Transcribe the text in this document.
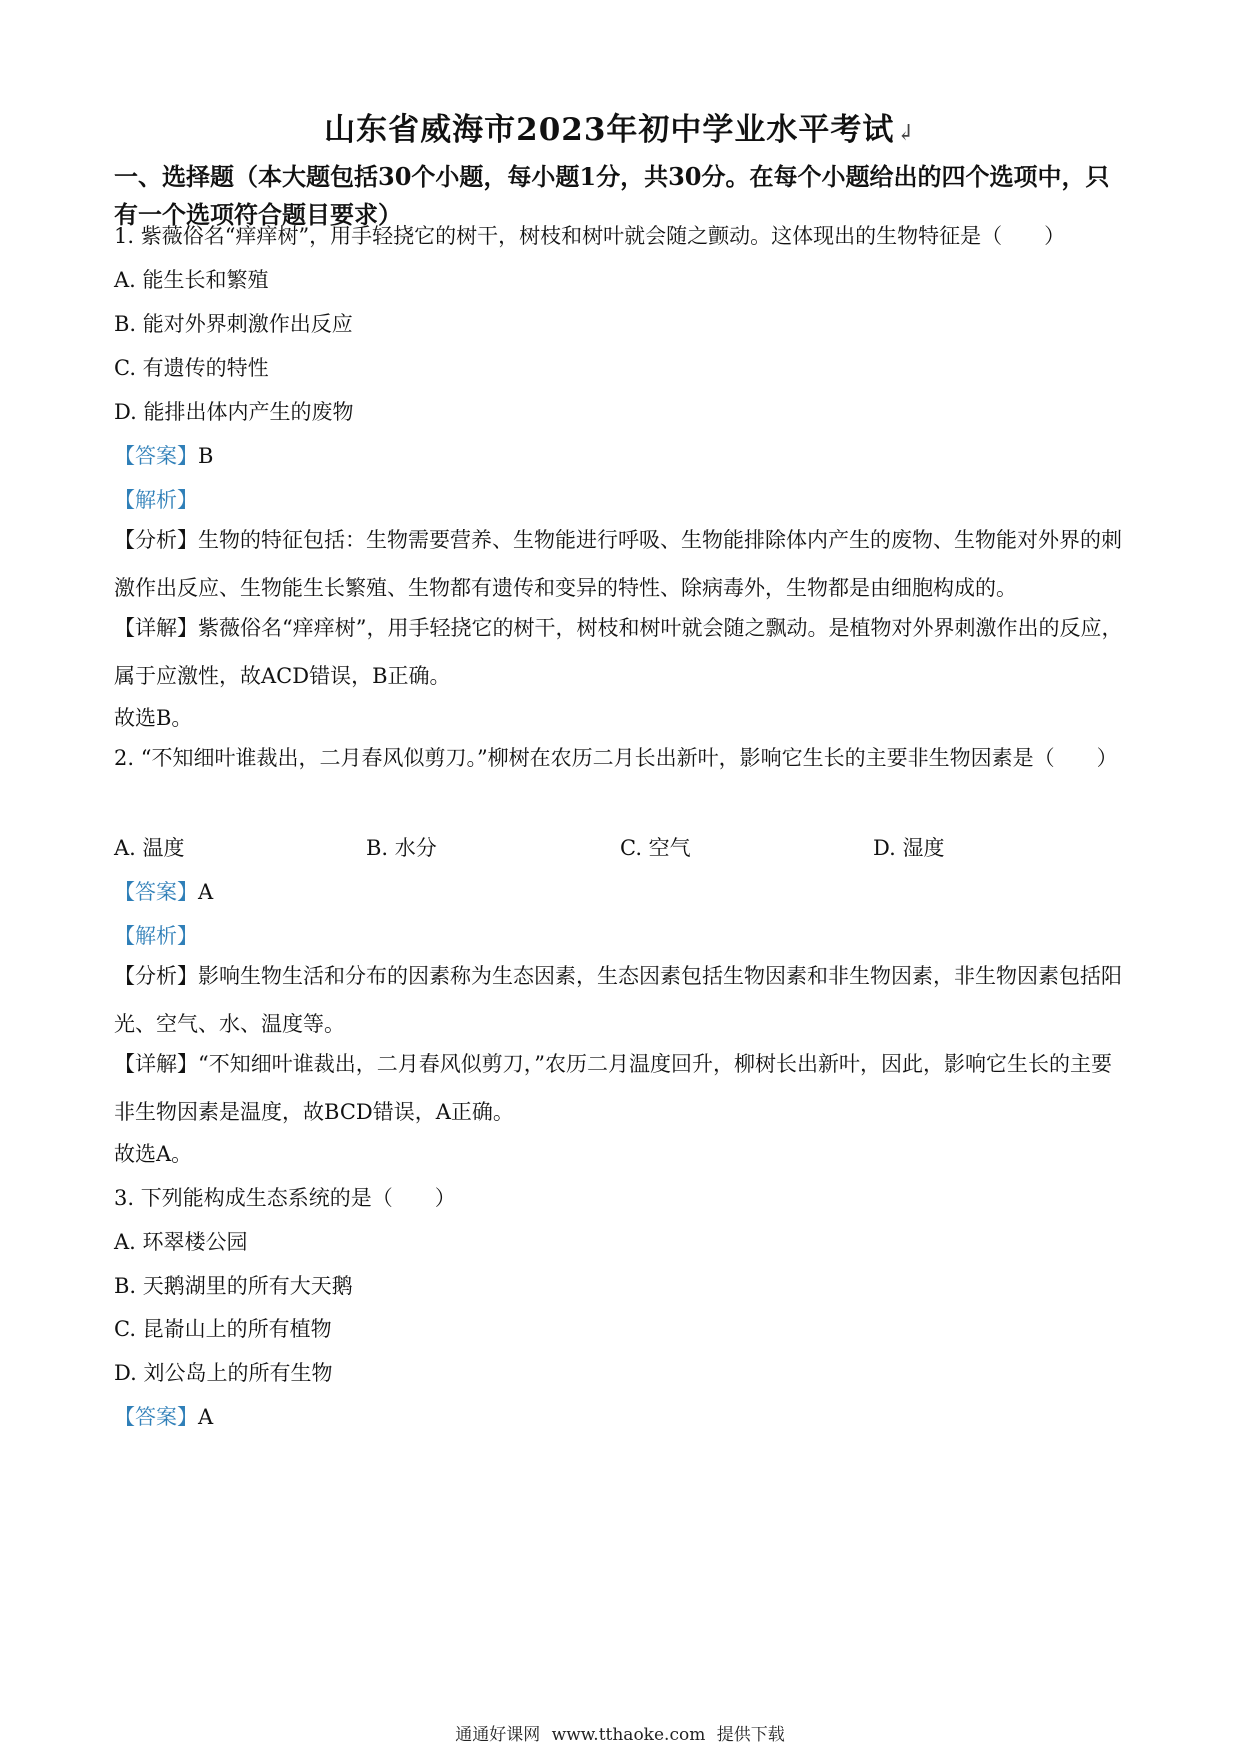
山东省威海市2023年初中学业水平考试↲
一、选择题（本大题包括30个小题，每小题1分，共30分。在每个小题给出的四个选项中，只有一个选项符合题目要求）
1. 紫薇俗名“痒痒树”，用手轻挠它的树干，树枝和树叶就会随之颤动。这体现出的生物特征是（　　）
A. 能生长和繁殖
B. 能对外界刺激作出反应
C. 有遗传的特性
D. 能排出体内产生的废物
【答案】B
【解析】
【分析】生物的特征包括：生物需要营养、生物能进行呼吸、生物能排除体内产生的废物、生物能对外界的刺激作出反应、生物能生长繁殖、生物都有遗传和变异的特性、除病毒外，生物都是由细胞构成的。
【详解】紫薇俗名“痒痒树”，用手轻挠它的树干，树枝和树叶就会随之飘动。是植物对外界刺激作出的反应，属于应激性，故ACD错误，B正确。
故选B。
2. “不知细叶谁裁出，二月春风似剪刀。”柳树在农历二月长出新叶，影响它生长的主要非生物因素是（　　）
A. 温度	B. 水分	C. 空气	D. 湿度
【答案】A
【解析】
【分析】影响生物生活和分布的因素称为生态因素，生态因素包括生物因素和非生物因素，非生物因素包括阳光、空气、水、温度等。
【详解】“不知细叶谁裁出，二月春风似剪刀，”农历二月温度回升，柳树长出新叶，因此，影响它生长的主要非生物因素是温度，故BCD错误，A正确。
故选A。
3. 下列能构成生态系统的是（　　）
A. 环翠楼公园
B. 天鹅湖里的所有大天鹅
C. 昆嵛山上的所有植物
D. 刘公岛上的所有生物
【答案】A
通通好课网 www.tthaoke.com 提供下载
